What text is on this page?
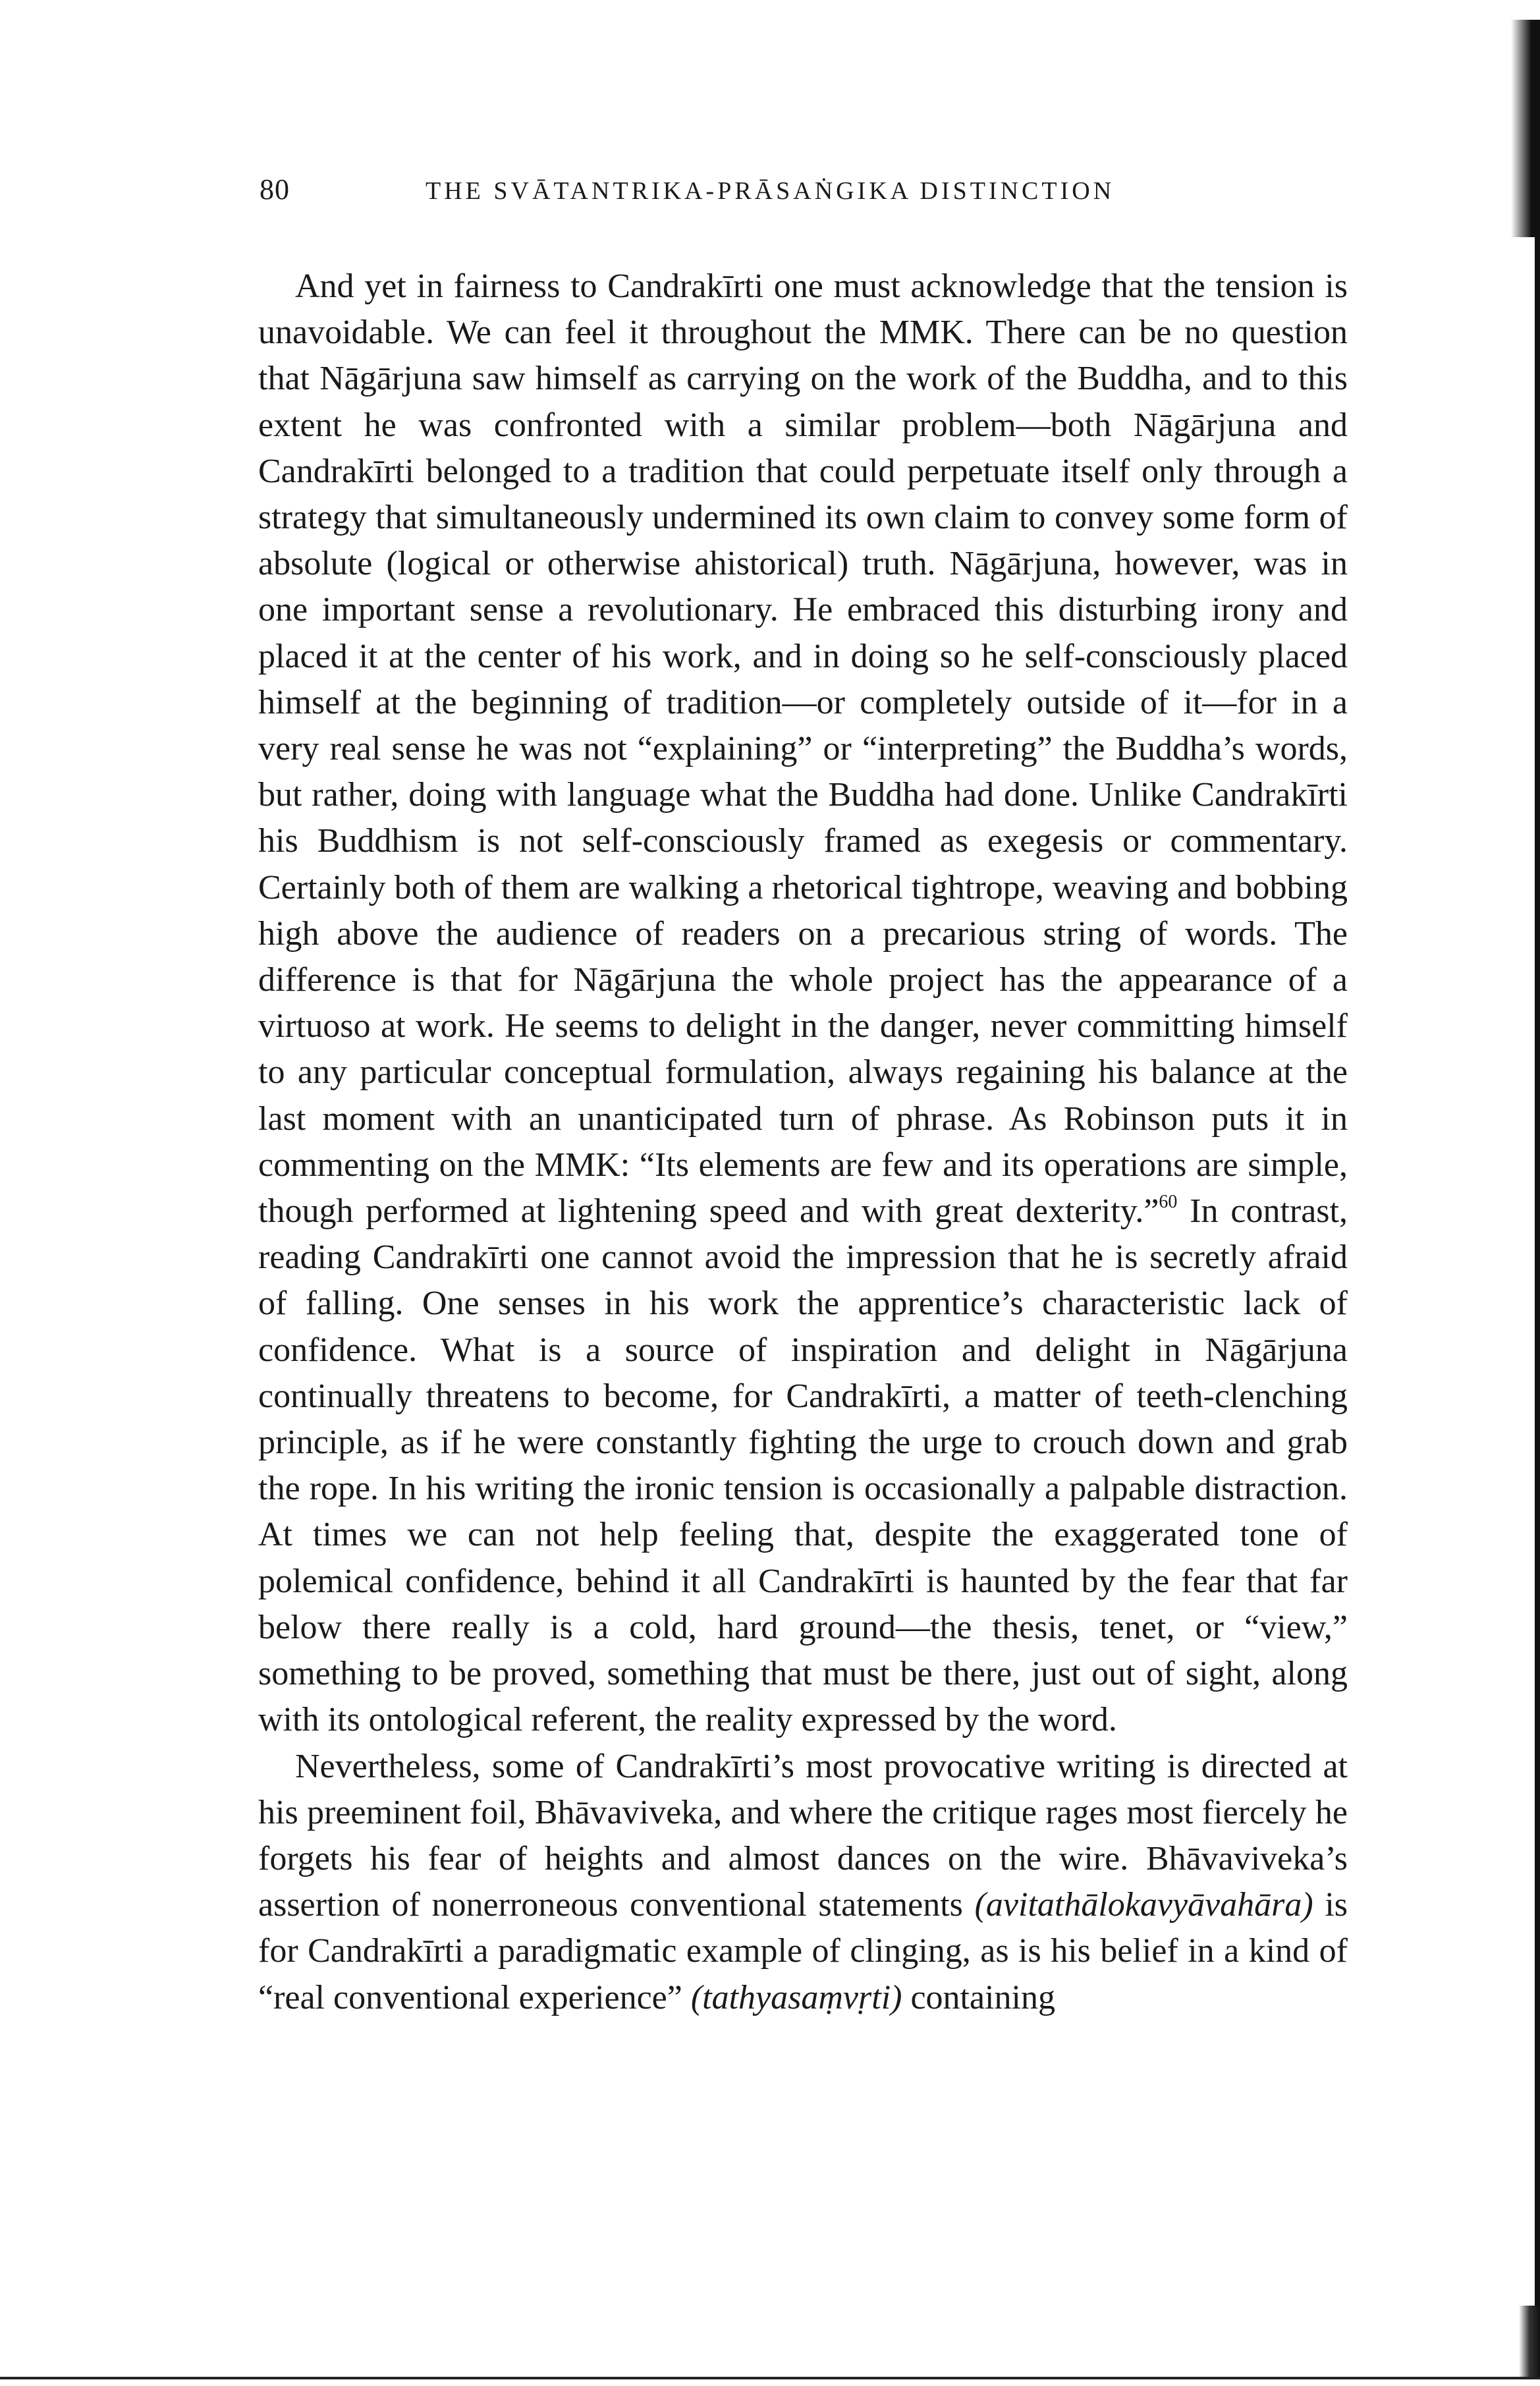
80	THE SVĀTANTRIKA-PRĀSAṄGIKA DISTINCTION

And yet in fairness to Candrakīrti one must acknowledge that the tension is unavoidable. We can feel it throughout the MMK. There can be no question that Nāgārjuna saw himself as carrying on the work of the Buddha, and to this extent he was confronted with a similar problem—both Nāgārjuna and Candrakīrti belonged to a tradition that could perpetuate itself only through a strategy that simultaneously undermined its own claim to convey some form of absolute (logical or otherwise ahistorical) truth. Nāgārjuna, however, was in one important sense a revolutionary. He embraced this disturbing irony and placed it at the center of his work, and in doing so he self-consciously placed himself at the beginning of tradition—or completely outside of it—for in a very real sense he was not “explaining” or “interpreting” the Buddha’s words, but rather, doing with language what the Buddha had done. Unlike Candrakīrti his Buddhism is not self-consciously framed as exegesis or commentary. Certainly both of them are walking a rhetorical tightrope, weaving and bobbing high above the audience of readers on a precarious string of words. The difference is that for Nāgārjuna the whole project has the appearance of a virtuoso at work. He seems to delight in the danger, never committing himself to any particular conceptual formulation, always regaining his balance at the last moment with an unanticipated turn of phrase. As Robinson puts it in commenting on the MMK: “Its elements are few and its operations are simple, though performed at lightening speed and with great dexterity.”$^{60}$ In contrast, reading Candrakīrti one cannot avoid the impression that he is secretly afraid of falling. One senses in his work the apprentice’s characteristic lack of confidence. What is a source of inspiration and delight in Nāgārjuna continually threatens to become, for Candrakīrti, a matter of teeth-clenching principle, as if he were constantly fighting the urge to crouch down and grab the rope. In his writing the ironic tension is occasionally a palpable distraction. At times we can not help feeling that, despite the exaggerated tone of polemical confidence, behind it all Candrakīrti is haunted by the fear that far below there really is a cold, hard ground—the thesis, tenet, or “view,” something to be proved, something that must be there, just out of sight, along with its ontological referent, the reality expressed by the word.

Nevertheless, some of Candrakīrti’s most provocative writing is directed at his preeminent foil, Bhāvaviveka, and where the critique rages most fiercely he forgets his fear of heights and almost dances on the wire. Bhāvaviveka’s assertion of nonerroneous conventional statements (avitathālokavyāvahāra) is for Candrakīrti a paradigmatic example of clinging, as is his belief in a kind of “real conventional experience” (tathyasaṃvṛti) containing
